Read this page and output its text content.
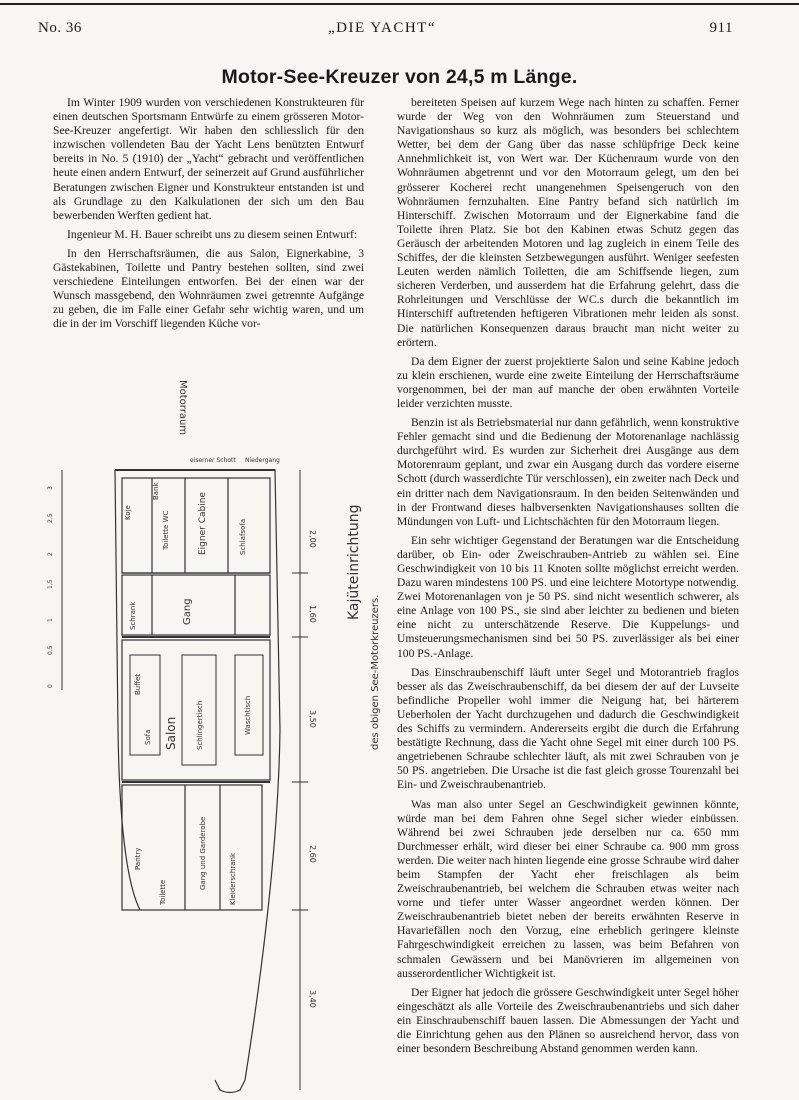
No. 36	„DIE YACHT“	911
Motor-See-Kreuzer von 24,5 m Länge.

Im Winter 1909 wurden von verschiedenen Konstrukteuren für einen deutschen Sportsmann Entwürfe zu einem grösseren Motor-See-Kreuzer angefertigt. Wir haben den schliesslich für den inzwischen vollendeten Bau der Yacht Lens benützten Entwurf bereits in No. 5 (1910) der „Yacht“ gebracht und veröffentlichen heute einen andern Entwurf, der seinerzeit auf Grund ausführlicher Beratungen zwischen Eigner und Konstrukteur entstanden ist und als Grundlage zu den Kalkulationen der sich um den Bau bewerbenden Werften gedient hat.

Ingenieur M. H. Bauer schreibt uns zu diesem seinen Entwurf:

In den Herrschaftsräumen, die aus Salon, Eignerkabine, 3 Gästekabinen, Toilette und Pantry bestehen sollten, sind zwei verschiedene Einteilungen entworfen. Bei der einen war der Wunsch massgebend, den Wohnräumen zwei getrennte Aufgänge zu geben, die im Falle einer Gefahr sehr wichtig waren, und um die in der im Vorschiff liegenden Küche vor-

bereiteten Speisen auf kurzem Wege nach hinten zu schaffen. Ferner wurde der Weg von den Wohnräumen zum Steuerstand und Navigationshaus so kurz als möglich, was besonders bei schlechtem Wetter, bei dem der Gang über das nasse schlüpfrige Deck keine Annehmlichkeit ist, von Wert war. Der Küchenraum wurde von den Wohnräumen abgetrennt und vor den Motorraum gelegt, um den bei grösserer Kocherei recht unangenehmen Speisengeruch von den Wohnräumen fernzuhalten. Eine Pantry befand sich natürlich im Hinterschiff. Zwischen Motorraum und der Eignerkabine fand die Toilette ihren Platz. Sie bot den Kabinen etwas Schutz gegen das Geräusch der arbeitenden Motoren und lag zugleich in einem Teile des Schiffes, der die kleinsten Setzbewegungen ausführt. Weniger seefesten Leuten werden nämlich Toiletten, die am Schiffsende liegen, zum sicheren Verderben, und ausserdem hat die Erfahrung gelehrt, dass die Rohrleitungen und Verschlüsse der WC.s durch die bekanntlich im Hinterschiff auftretenden heftigeren Vibrationen mehr leiden als sonst. Die natürlichen Konsequenzen daraus braucht man nicht weiter zu erörtern.

Da dem Eigner der zuerst projektierte Salon und seine Kabine jedoch zu klein erschienen, wurde eine zweite Einteilung der Herrschaftsräume vorgenommen, bei der man auf manche der oben erwähnten Vorteile leider verzichten musste.

Benzin ist als Betriebsmaterial nur dann gefährlich, wenn konstruktive Fehler gemacht sind und die Bedienung der Motorenanlage nachlässig durchgeführt wird. Es wurden zur Sicherheit drei Ausgänge aus dem Motorenraum geplant, und zwar ein Ausgang durch das vordere eiserne Schott (durch wasserdichte Tür verschlossen), ein zweiter nach Deck und ein dritter nach dem Navigationsraum. In den beiden Seitenwänden und in der Frontwand dieses halbversenkten Navigationshauses sollten die Mündungen von Luft- und Lichtschächten für den Motorraum liegen.

Ein sehr wichtiger Gegenstand der Beratungen war die Entscheidung darüber, ob Ein- oder Zweischrauben-Antrieb zu wählen sei. Eine Geschwindigkeit von 10 bis 11 Knoten sollte möglichst erreicht werden. Dazu waren mindestens 100 PS. und eine leichtere Motortype notwendig. Zwei Motorenanlagen von je 50 PS. sind nicht wesentlich schwerer, als eine Anlage von 100 PS., sie sind aber leichter zu bedienen und bieten eine nicht zu unterschätzende Reserve. Die Kuppelungs- und Umsteuerungsmechanismen sind bei 50 PS. zuverlässiger als bei einer 100 PS.-Anlage.

Das Einschraubenschiff läuft unter Segel und Motorantrieb fraglos besser als das Zweischraubenschiff, da bei diesem der auf der Luvseite befindliche Propeller wohl immer die Neigung hat, bei härterem Ueberholen der Yacht durchzugehen und dadurch die Geschwindigkeit des Schiffs zu vermindern. Andererseits ergibt die durch die Erfahrung bestätigte Rechnung, dass die Yacht ohne Segel mit einer durch 100 PS. angetriebenen Schraube schlechter läuft, als mit zwei Schrauben von je 50 PS. angetrieben. Die Ursache ist die fast gleich grosse Tourenzahl bei Ein- und Zweischraubenantrieb.

Was man also unter Segel an Geschwindigkeit gewinnen könnte, würde man bei dem Fahren ohne Segel sicher wieder einbüssen. Während bei zwei Schrauben jede derselben nur ca. 650 mm Durchmesser erhält, wird dieser bei einer Schraube ca. 900 mm gross werden. Die weiter nach hinten liegende eine grosse Schraube wird daher beim Stampfen der Yacht eher freischlagen als beim Zweischraubenantrieb, bei welchem die Schrauben etwas weiter nach vorne und tiefer unter Wasser angeordnet werden können. Der Zweischraubenantrieb bietet neben der bereits erwähnten Reserve in Havariefällen noch den Vorzug, eine erheblich geringere kleinste Fahrgeschwindigkeit erreichen zu lassen, was beim Befahren von schmalen Gewässern und bei Manövrieren im allgemeinen von ausserordentlicher Wichtigkeit ist.

Der Eigner hat jedoch die grössere Geschwindigkeit unter Segel höher eingeschätzt als alle Vorteile des Zweischraubenantriebs und sich daher ein Einschraubenschiff bauen lassen. Die Abmessungen der Yacht und die Einrichtung gehen aus den Plänen so ausreichend hervor, dass von einer besondern Beschreibung Abstand genommen werden kann.

Motorraum
eiserner Schott Niedergang
Koje
Bank
Toilette WC	Eigner Cabine	Schlafsofa
Schrank	Gang
Buffet
Sofa Salon	Schlingertisch	Waschtisch
Pantry	Gang und Garderobe
Toilette	Kleiderschrank
2,00
1,60
3,50
2,60
3,40
0
0,5
1
1,5
2
2,5
3
Kajüteinrichtung
des obigen See-Motorkreuzers.
